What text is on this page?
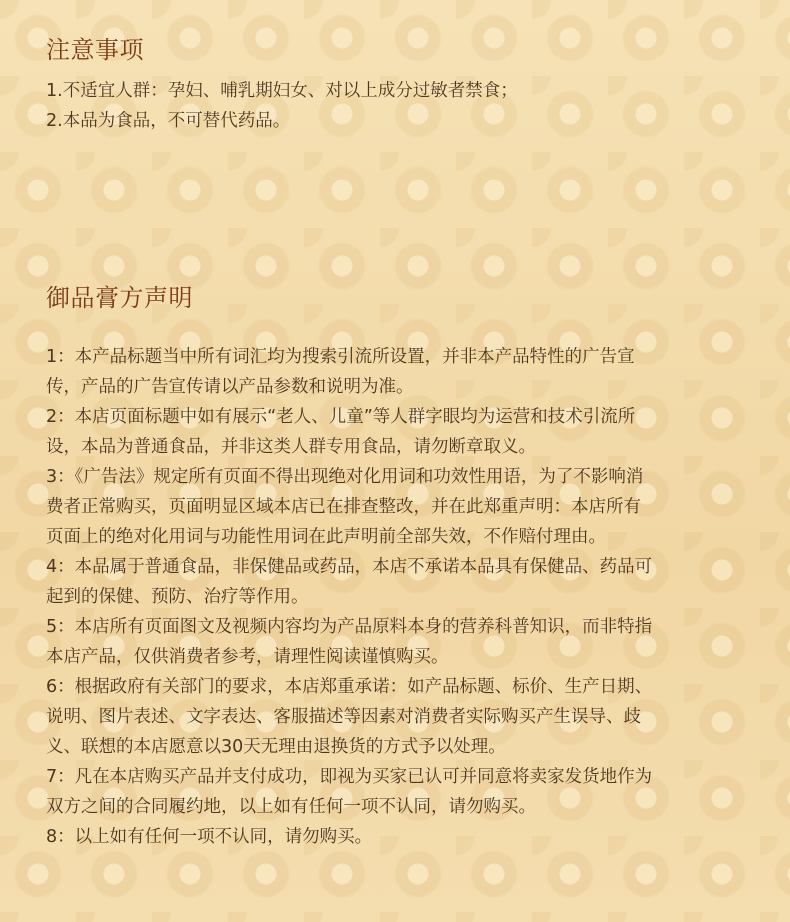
注意事项
1.不适宜人群：孕妇、哺乳期妇女、对以上成分过敏者禁食；
2.本品为食品，不可替代药品。
御品膏方声明
1：本产品标题当中所有词汇均为搜索引流所设置，并非本产品特性的广告宣
传，产品的广告宣传请以产品参数和说明为准。
2：本店页面标题中如有展示“老人、儿童”等人群字眼均为运营和技术引流所
设，本品为普通食品，并非这类人群专用食品，请勿断章取义。
3：《广告法》规定所有页面不得出现绝对化用词和功效性用语，为了不影响消
费者正常购买，页面明显区域本店已在排查整改，并在此郑重声明：本店所有
页面上的绝对化用词与功能性用词在此声明前全部失效，不作赔付理由。
4：本品属于普通食品，非保健品或药品，本店不承诺本品具有保健品、药品可
起到的保健、预防、治疗等作用。
5：本店所有页面图文及视频内容均为产品原料本身的营养科普知识，而非特指
本店产品，仅供消费者参考，请理性阅读谨慎购买。
6：根据政府有关部门的要求，本店郑重承诺：如产品标题、标价、生产日期、
说明、图片表述、文字表达、客服描述等因素对消费者实际购买产生误导、歧
义、联想的本店愿意以30天无理由退换货的方式予以处理。
7：凡在本店购买产品并支付成功，即视为买家已认可并同意将卖家发货地作为
双方之间的合同履约地，以上如有任何一项不认同，请勿购买。
8：以上如有任何一项不认同，请勿购买。
